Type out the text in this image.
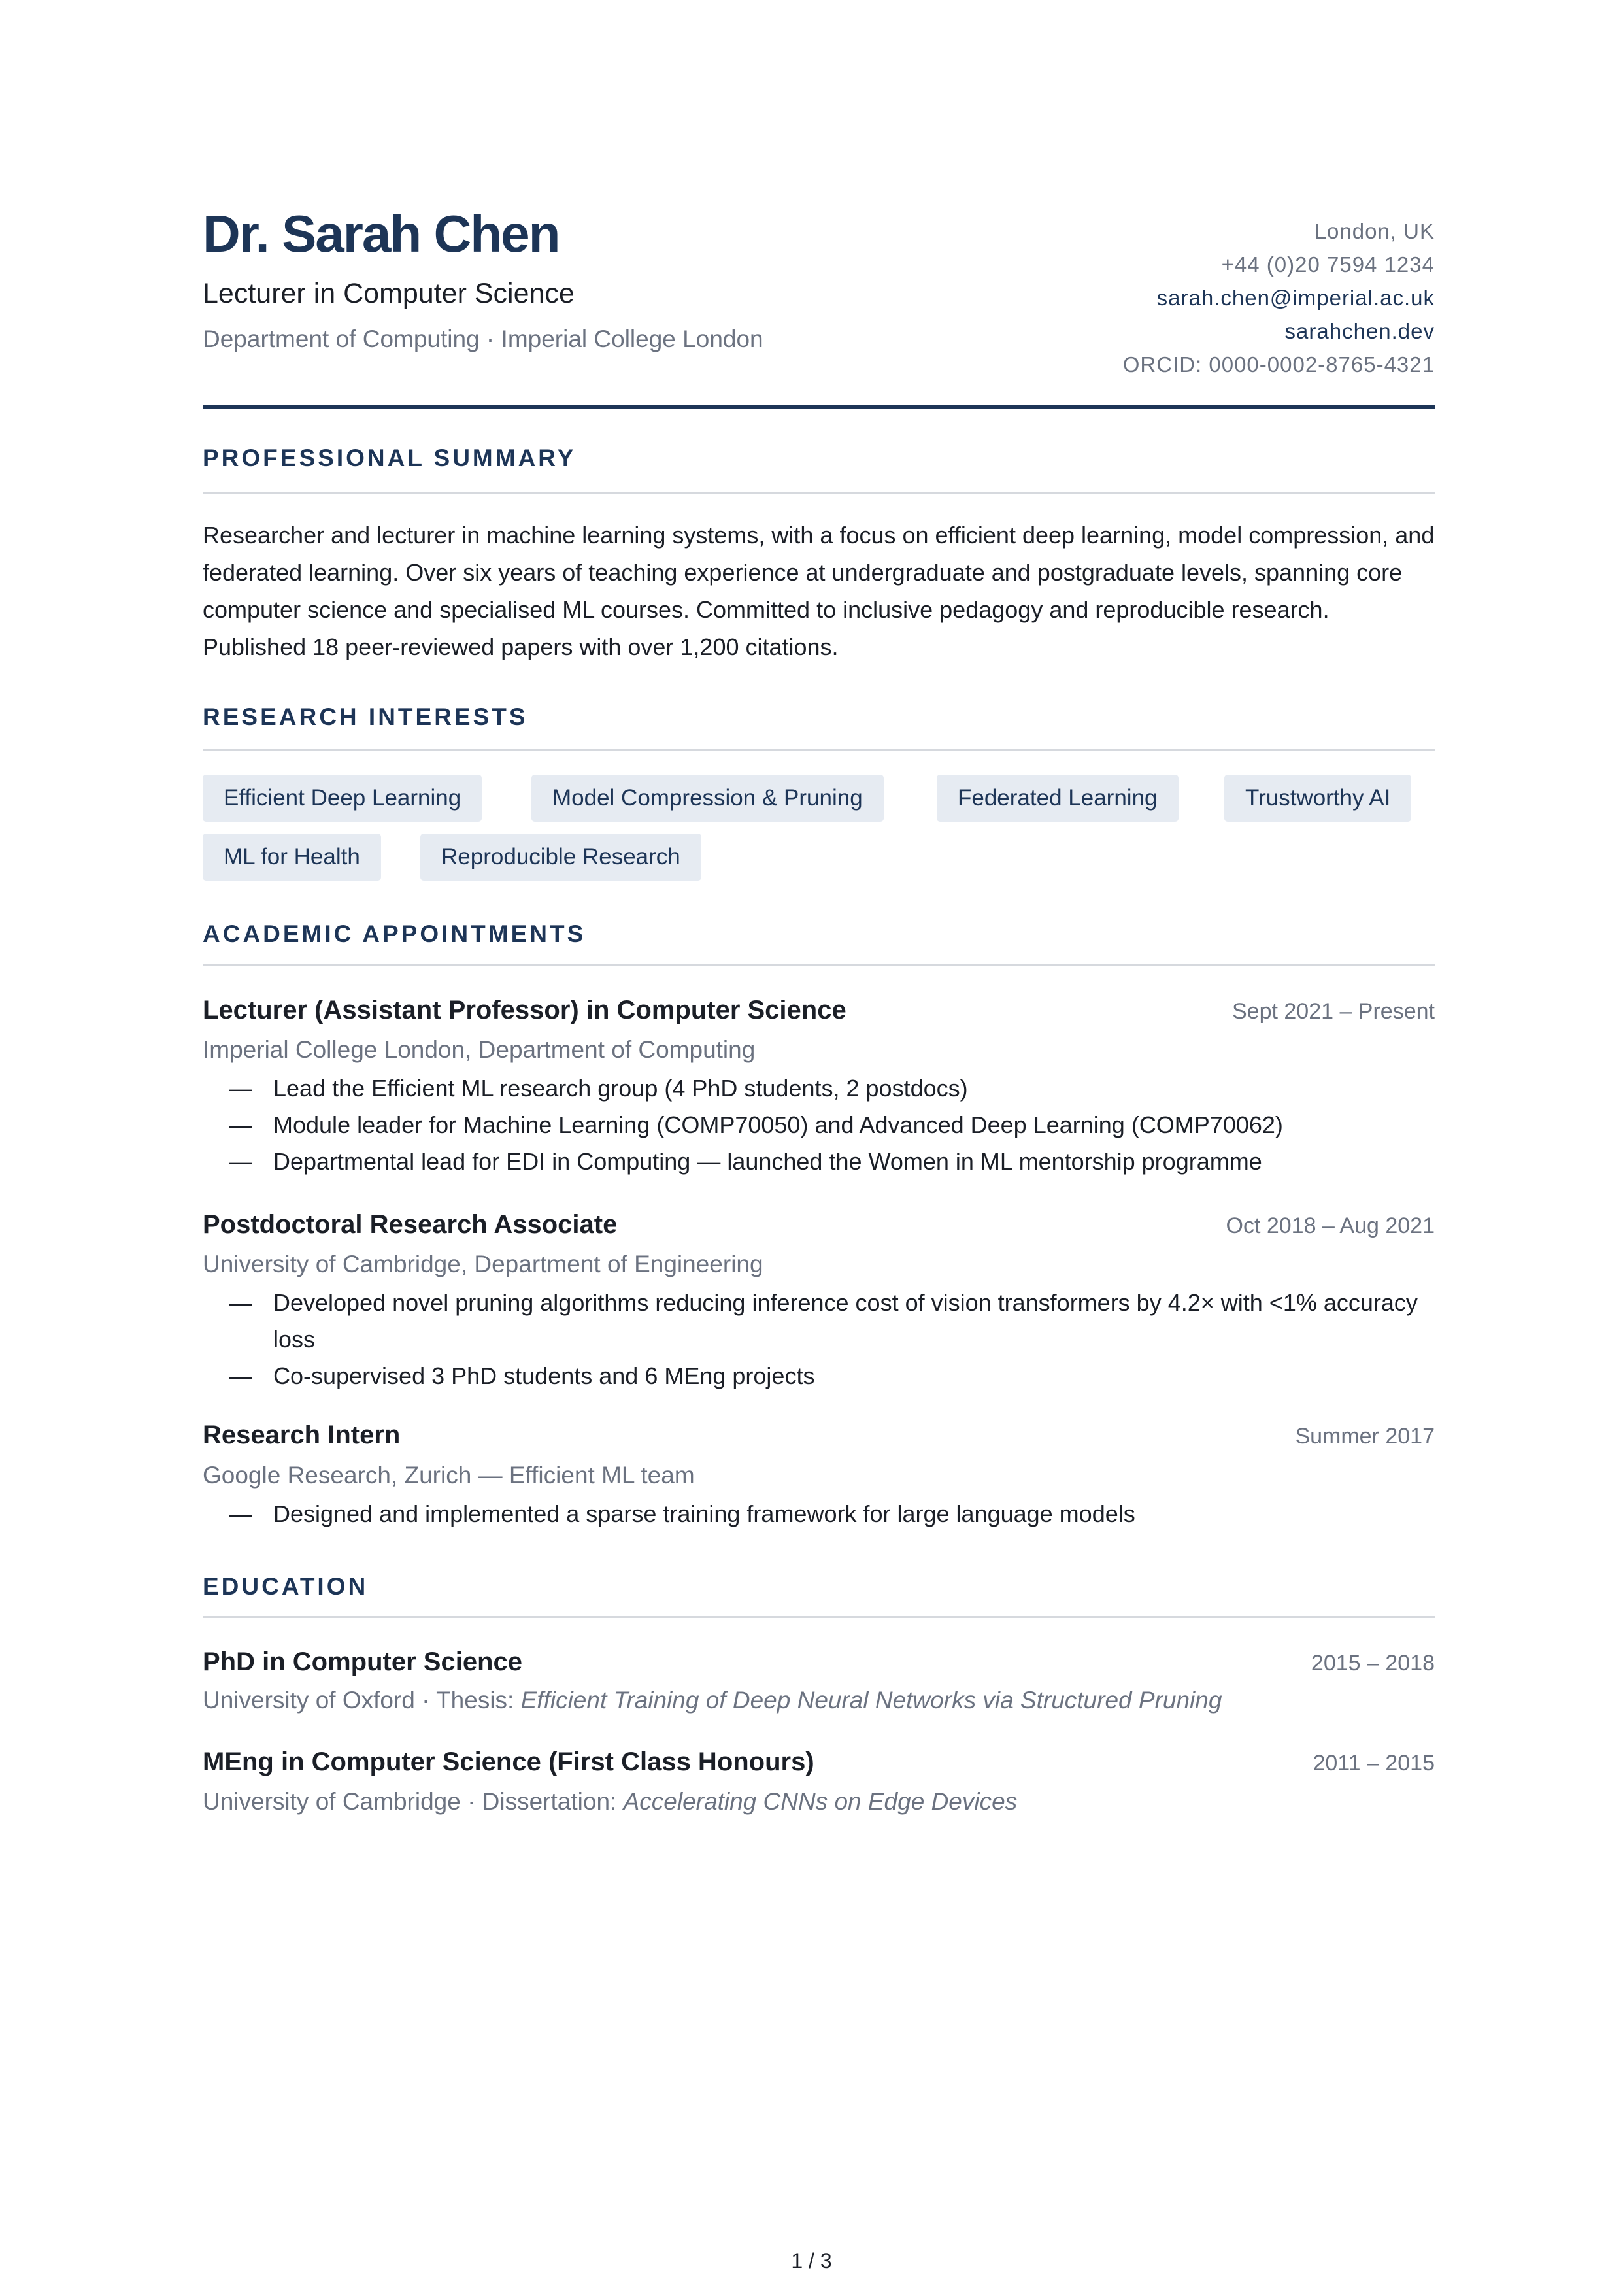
Dr. Sarah Chen
Lecturer in Computer Science
Department of Computing · Imperial College London
London, UK
+44 (0)20 7594 1234
sarah.chen@imperial.ac.uk
sarahchen.dev
ORCID: 0000-0002-8765-4321
PROFESSIONAL SUMMARY

Researcher and lecturer in machine learning systems, with a focus on efficient deep learning, model compression, and federated learning. Over six years of teaching experience at undergraduate and postgraduate levels, spanning core computer science and specialised ML courses. Committed to inclusive pedagogy and reproducible research. Published 18 peer-reviewed papers with over 1,200 citations.

RESEARCH INTERESTS
Efficient Deep Learning	Model Compression & Pruning	Federated Learning	Trustworthy AI
ML for Health	Reproducible Research
ACADEMIC APPOINTMENTS
Lecturer (Assistant Professor) in Computer Science	Sept 2021 – Present
Imperial College London, Department of Computing
— Lead the Efficient ML research group (4 PhD students, 2 postdocs)
— Module leader for Machine Learning (COMP70050) and Advanced Deep Learning (COMP70062)
— Departmental lead for EDI in Computing — launched the Women in ML mentorship programme
Postdoctoral Research Associate	Oct 2018 – Aug 2021
University of Cambridge, Department of Engineering
— Developed novel pruning algorithms reducing inference cost of vision transformers by 4.2× with <1% accuracy loss
— Co-supervised 3 PhD students and 6 MEng projects
Research Intern	Summer 2017
Google Research, Zurich — Efficient ML team
— Designed and implemented a sparse training framework for large language models
EDUCATION
PhD in Computer Science	2015 – 2018
University of Oxford · Thesis: Efficient Training of Deep Neural Networks via Structured Pruning
MEng in Computer Science (First Class Honours)	2011 – 2015
University of Cambridge · Dissertation: Accelerating CNNs on Edge Devices
1 / 3
